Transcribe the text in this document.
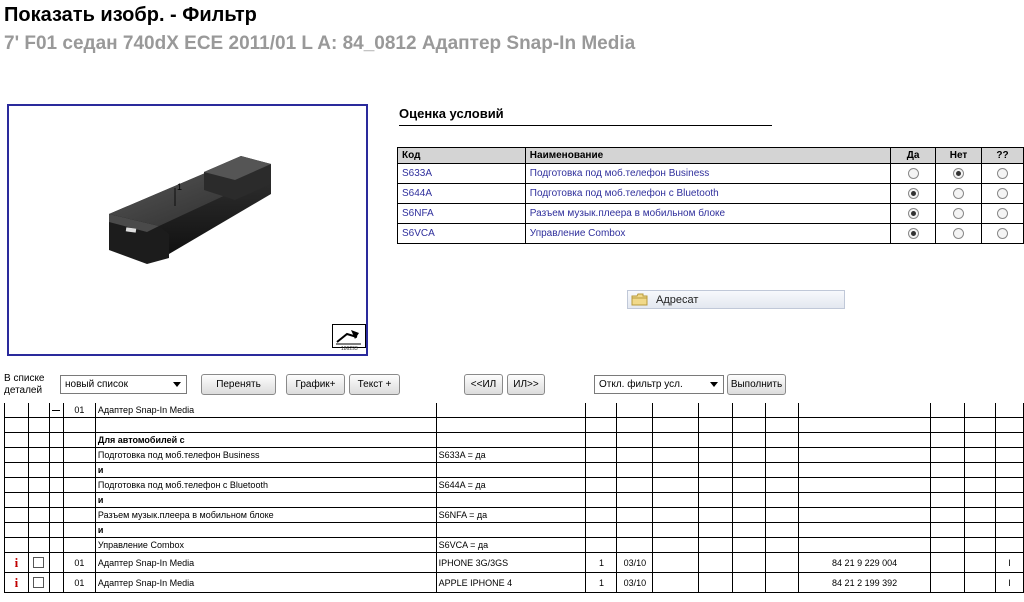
Показать изобр. - Фильтр
7' F01 седан 740dX ECE 2011/01 L A: 84_0812 Адаптер Snap-In Media
1
186293
Оценка условий
Код	Наименование	Да	Нет	??
S633A	Подготовка под моб.телефон Business			
S644A	Подготовка под моб.телефон с Bluetooth			
S6NFA	Разъем музык.плеера в мобильном блоке			
S6VCA	Управление Combox			
Адресат
В списке
деталей
новый список	Перенять	График+	Текст +	<<ИЛ	ИЛ>>	Откл. фильтр усл.	Выполнить
			01	Адаптер Snap-In Media											

				Для автомобилей с											
				Подготовка под моб.телефон Business	S633A = да										
				и											
				Подготовка под моб.телефон с Bluetooth	S644A = да										
				и											
				Разъем музык.плеера в мобильном блоке	S6NFA = да										
				и											
				Управление Combox	S6VCA = да										
i			01	Адаптер Snap-In Media	IPHONE 3G/3GS	1	03/10					84 21 9 229 004			I
i			01	Адаптер Snap-In Media	APPLE IPHONE 4	1	03/10					84 21 2 199 392			I
